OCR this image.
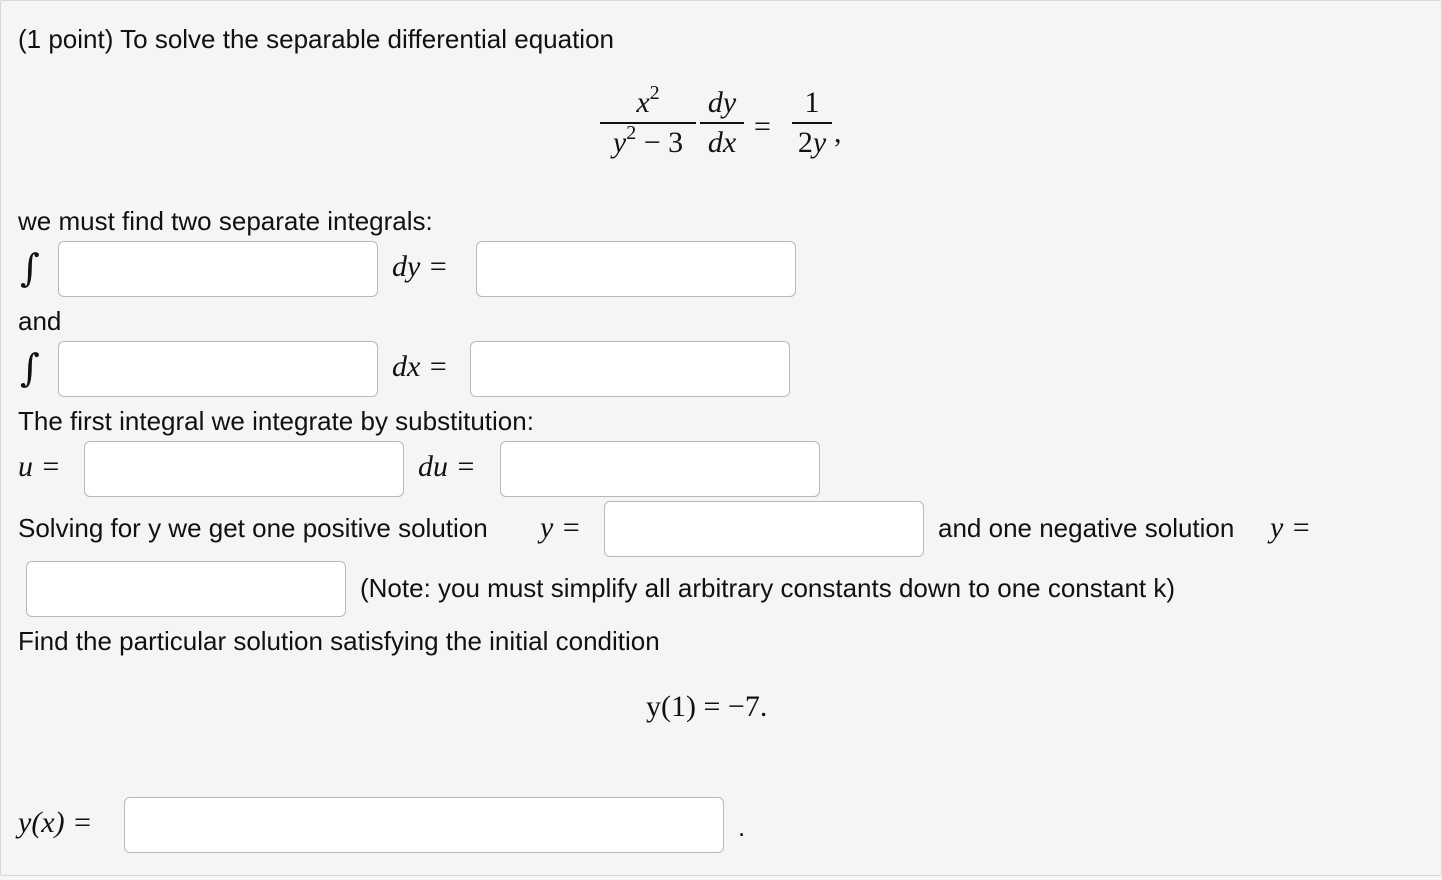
(1 point) To solve the separable differential equation
$x^2$
$y^2 - 3$
dy
dx =
1
2y ,
we must find two separate integrals:
∫	dy =
and
∫	dx =
The first integral we integrate by substitution:
u =	du =
Solving for y we get one positive solution y =	and one negative solution y =
(Note: you must simplify all arbitrary constants down to one constant k)
Find the particular solution satisfying the initial condition
y(1) = −7.
y(x) =	.
